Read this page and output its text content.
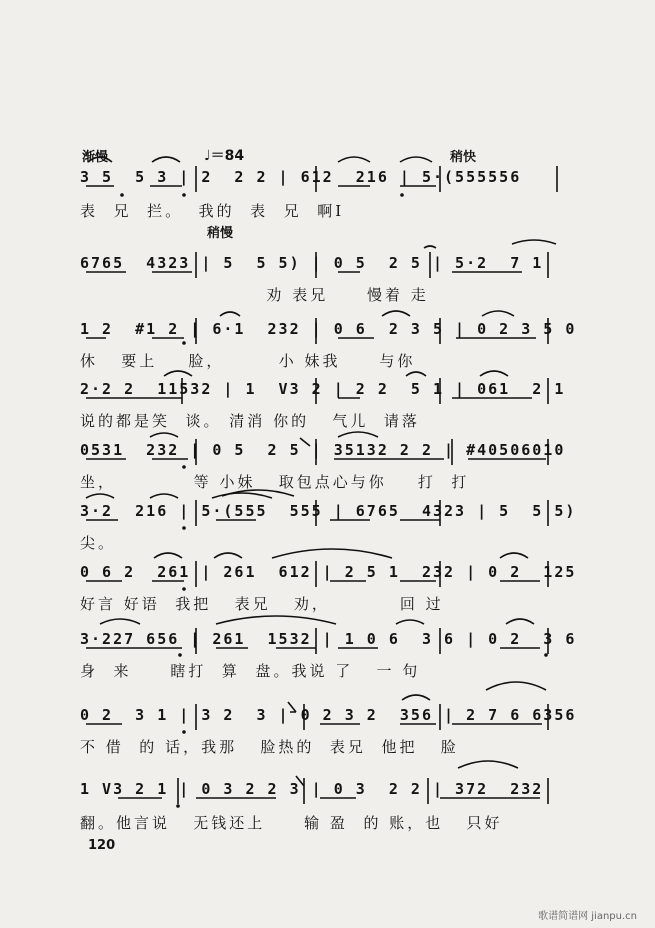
渐慢	♩＝84	稍快
稍慢
3 5  5 3 | 2  2 2 | 612  216 | 5·(555556
表  兄  拦。  我的  表  兄  啊I
6765  4323 | 5  5 5) | 0 5  2 5 | 5·2  7 1
劝 表兄     慢着 走
1 2  #1 2 | 6·1  232 | 0 6  2 3 5 | 0 2 3 5 0
休   要上    脸，       小 妹我     与你
2·2 2  11532 | 1  V3 2 | 2 2  5 1 | 061  2 1
说的都是笑  谈。 清消 你的   气儿  请落
0531  232 | 0 5  2 5 | 35132 2 2 | #40506010
坐，          等 小妹   取包点心与你    打  打
3·2  216 | 5·(555  555 | 6765  4323 | 5  5 5)
尖。
0 6 2  261 | 261  612 | 2 5 1  232 | 0 2  125
好言 好语  我把   表兄   劝，         回 过
3·227 656 | 261  1532 | 1 0 6  3 6 | 0 2  3 6
身  来     瞎打  算  盘。我说 了   一 句
0 2  3 1 | 3 2  3 | 0 2 3 2  356 | 2 7 6 6356
不 借  的 话，我那   脸热的  表兄  他把   脸
1 V3 2 1 | 0 3 2 2 3 | 0 3  2 2 | 372  232
翻。他言说   无钱还上     输 盈  的 账，也   只好
120
歌谱简谱网 jianpu.cn
